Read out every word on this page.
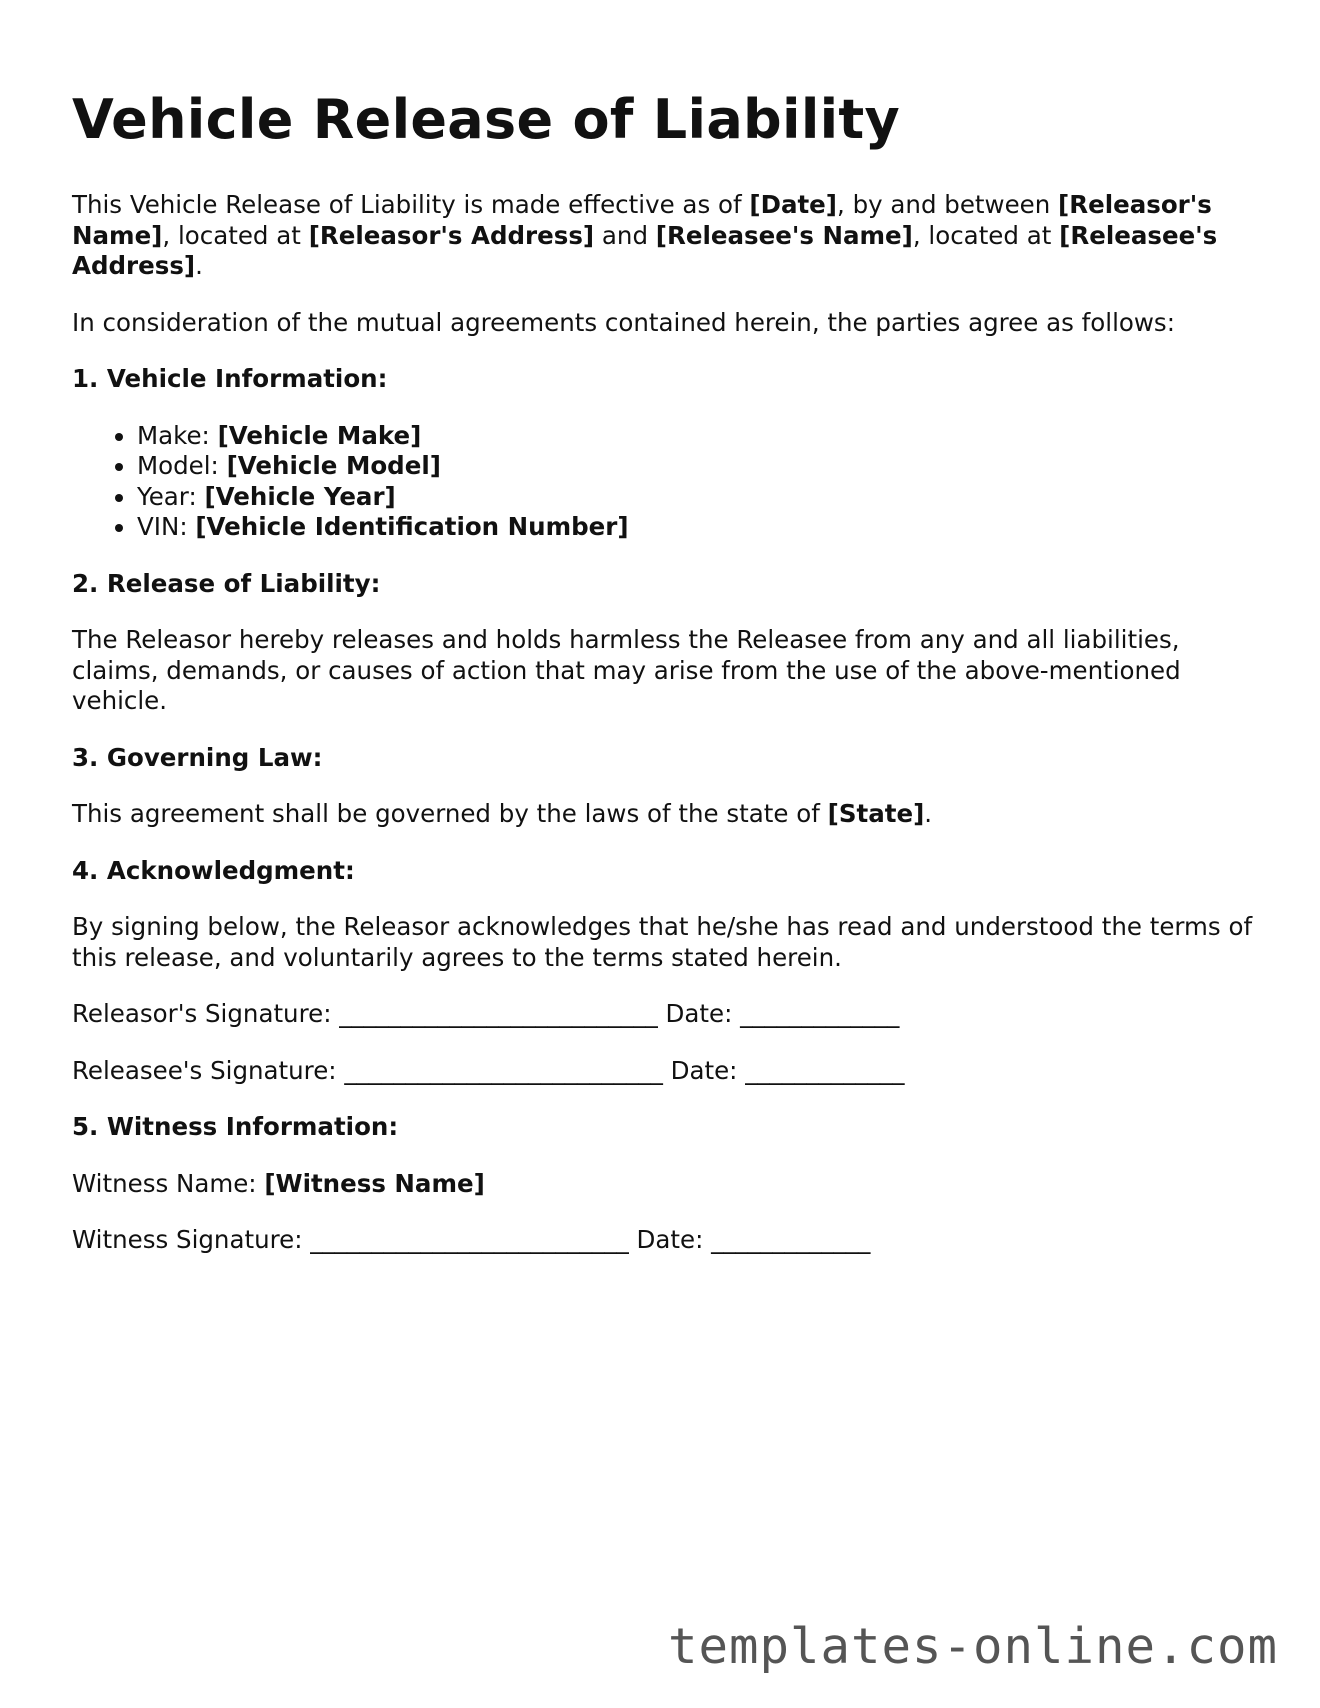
Vehicle Release of Liability

This Vehicle Release of Liability is made effective as of [Date], by and between [Releasor's Name], located at [Releasor's Address] and [Releasee's Name], located at [Releasee's Address].

In consideration of the mutual agreements contained herein, the parties agree as follows:

1. Vehicle Information:
• Make: [Vehicle Make]
• Model: [Vehicle Model]
• Year: [Vehicle Year]
• VIN: [Vehicle Identification Number]
2. Release of Liability:

The Releasor hereby releases and holds harmless the Releasee from any and all liabilities, claims, demands, or causes of action that may arise from the use of the above-mentioned vehicle.

3. Governing Law:

This agreement shall be governed by the laws of the state of [State].

4. Acknowledgment:

By signing below, the Releasor acknowledges that he/she has read and understood the terms of this release, and voluntarily agrees to the terms stated herein.

Releasor's Signature: __________________________ Date: _____________

Releasee's Signature: __________________________ Date: _____________

5. Witness Information:

Witness Name: [Witness Name]

Witness Signature: __________________________ Date: _____________

templates-online.com
